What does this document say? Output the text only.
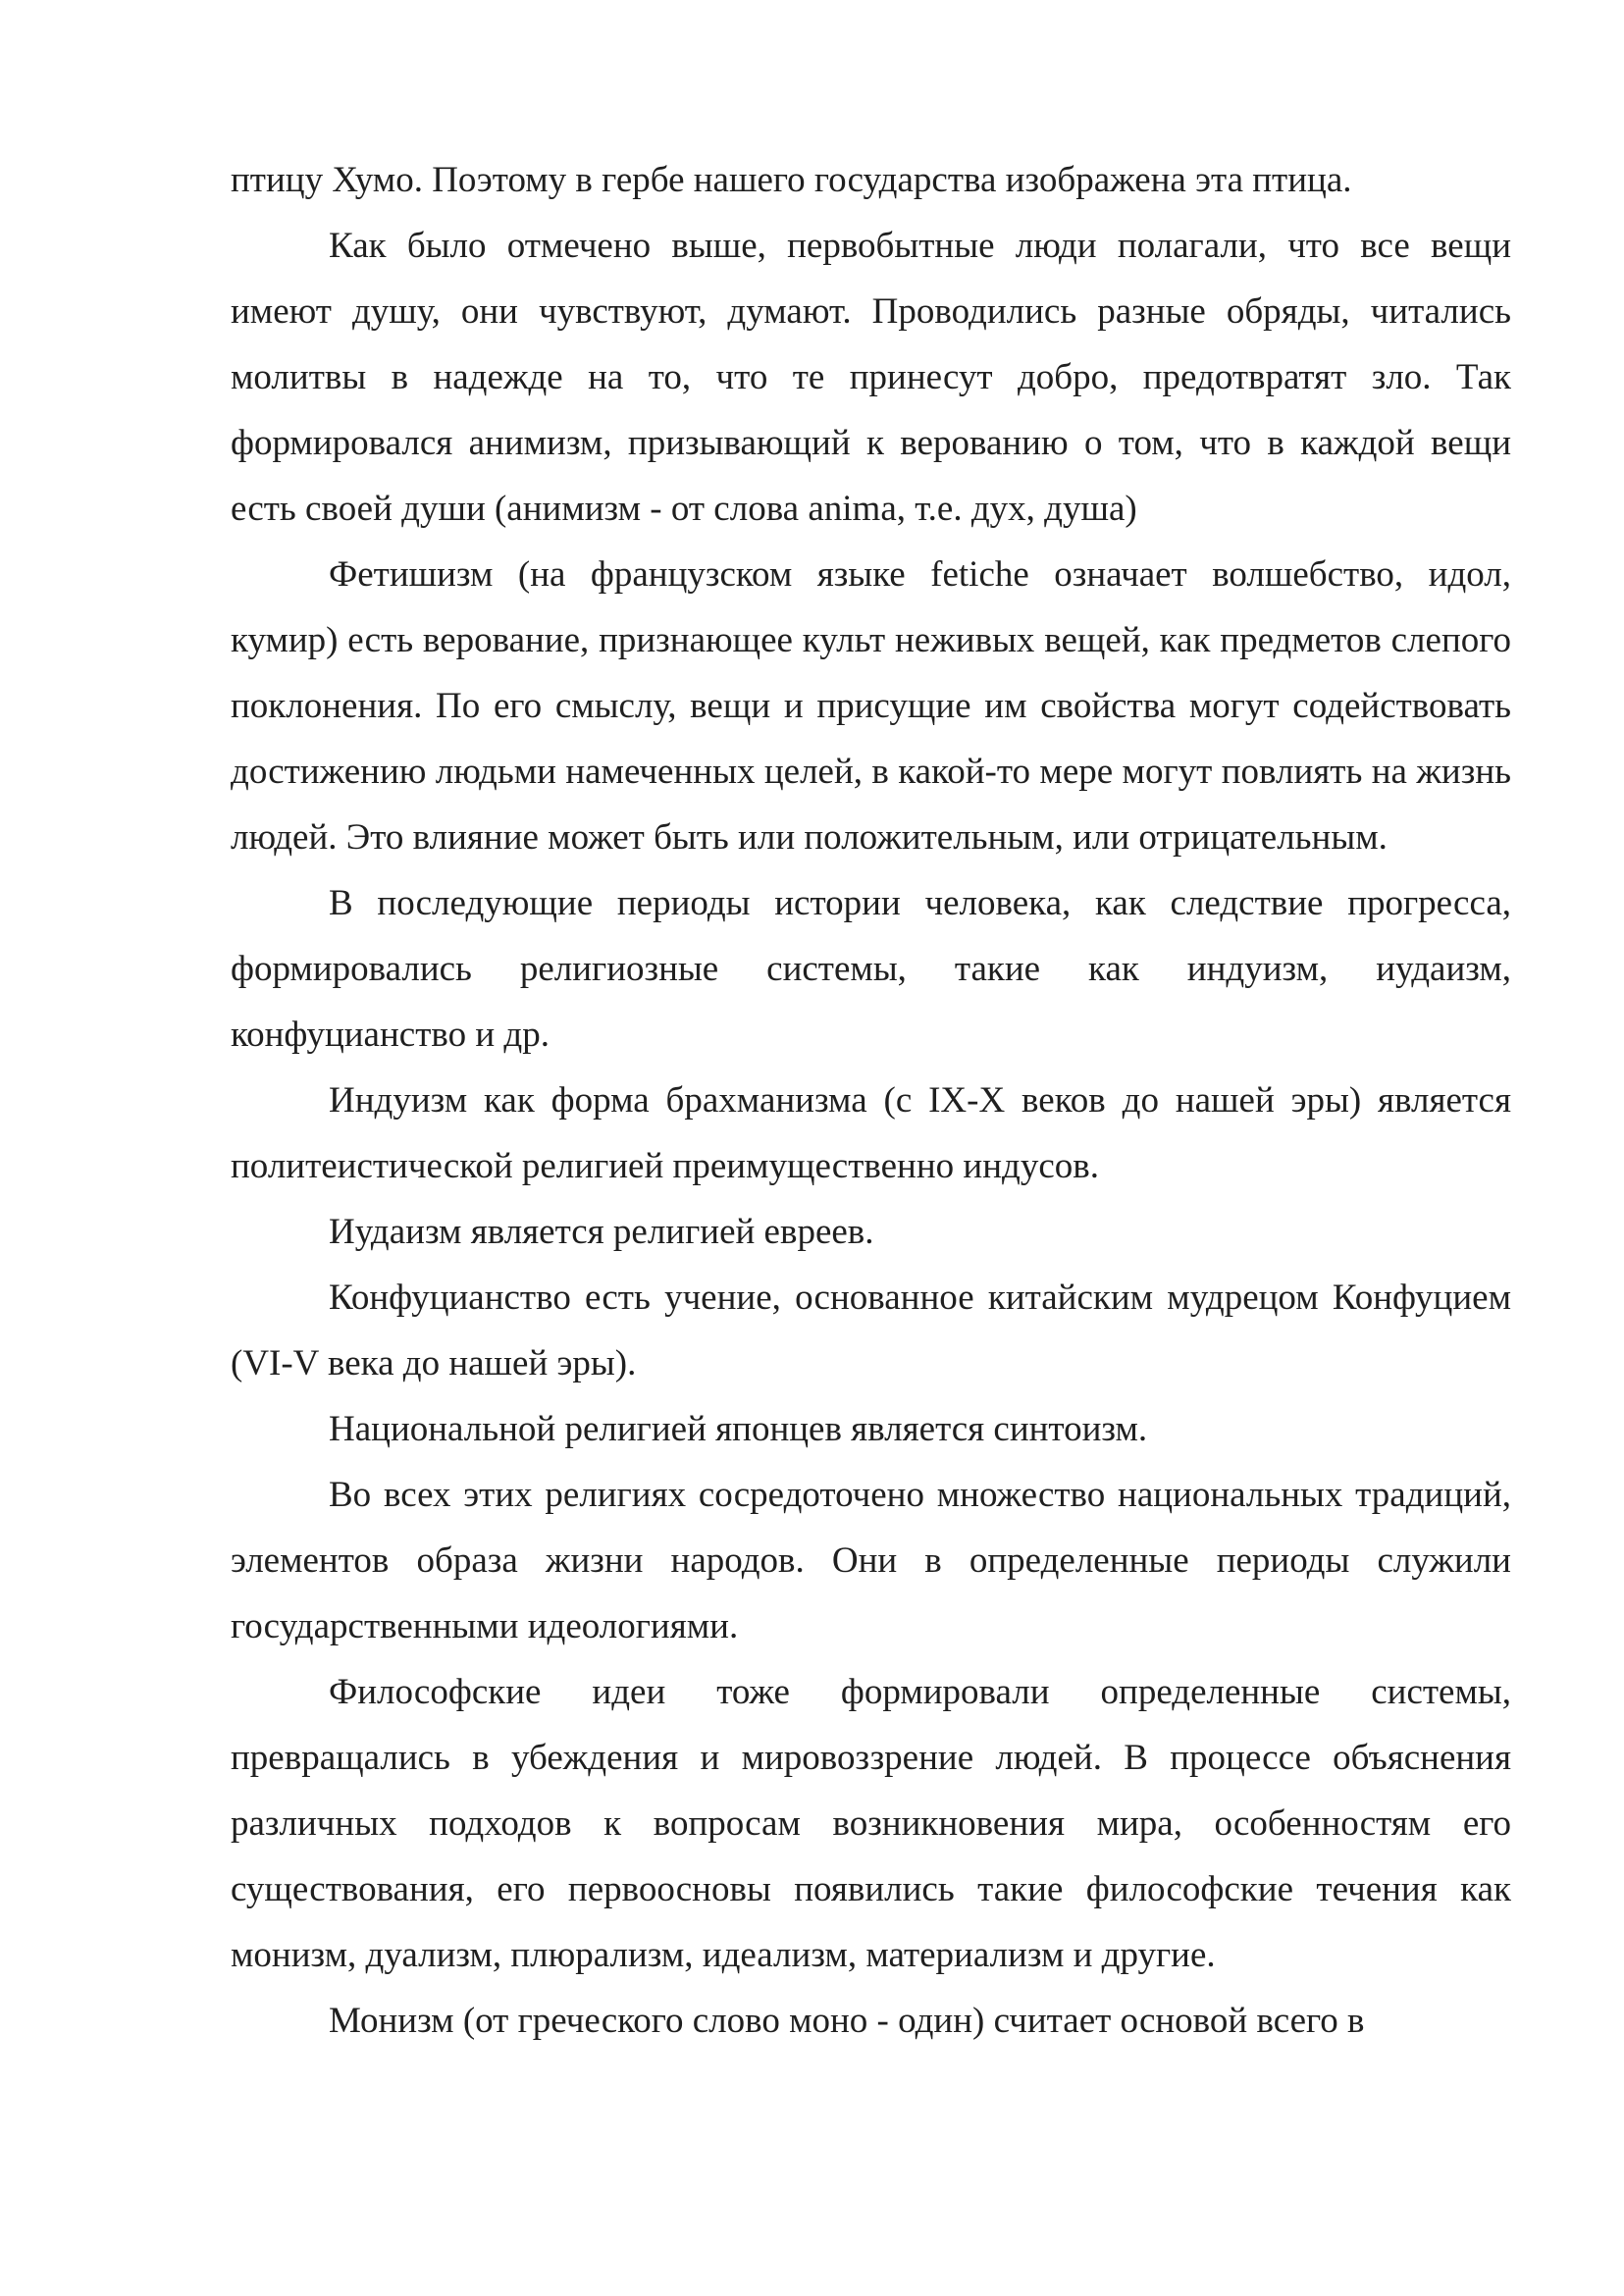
птицу Хумо. Поэтому в гербе нашего государства изображена эта птица.

Как было отмечено выше, первобытные люди полагали, что все вещи имеют душу, они чувствуют, думают. Проводились разные обряды, читались молитвы в надежде на то, что те принесут добро, предотвратят зло. Так формировался анимизм, призывающий к верованию о том, что в каждой вещи есть своей души (анимизм - от слова anima, т.е. дух, душа)

Фетишизм (на французском языке fetiche означает волшебство, идол, кумир) есть верование, признающее культ неживых вещей, как предметов слепого поклонения. По его смыслу, вещи и присущие им свойства могут содействовать достижению людьми намеченных целей, в какой-то мере могут повлиять на жизнь людей. Это влияние может быть или положительным, или отрицательным.

В последующие периоды истории человека, как следствие прогресса, формировались религиозные системы, такие как индуизм, иудаизм, конфуцианство и др.

Индуизм как форма брахманизма (с IX-X веков до нашей эры) является политеистической религией преимущественно индусов.

Иудаизм является религией евреев.

Конфуцианство есть учение, основанное китайским мудрецом Конфуцием (VI-V века до нашей эры).

Национальной религией японцев является синтоизм.

Во всех этих религиях сосредоточено множество национальных традиций, элементов образа жизни народов. Они в определенные периоды служили государственными идеологиями.

Философские идеи тоже формировали определенные системы, превращались в убеждения и мировоззрение людей. В процессе объяснения различных подходов к вопросам возникновения мира, особенностям его существования, его первоосновы появились такие философские течения как монизм, дуализм, плюрализм, идеализм, материализм и другие.

Монизм (от греческого слово моно - один) считает основой всего в
